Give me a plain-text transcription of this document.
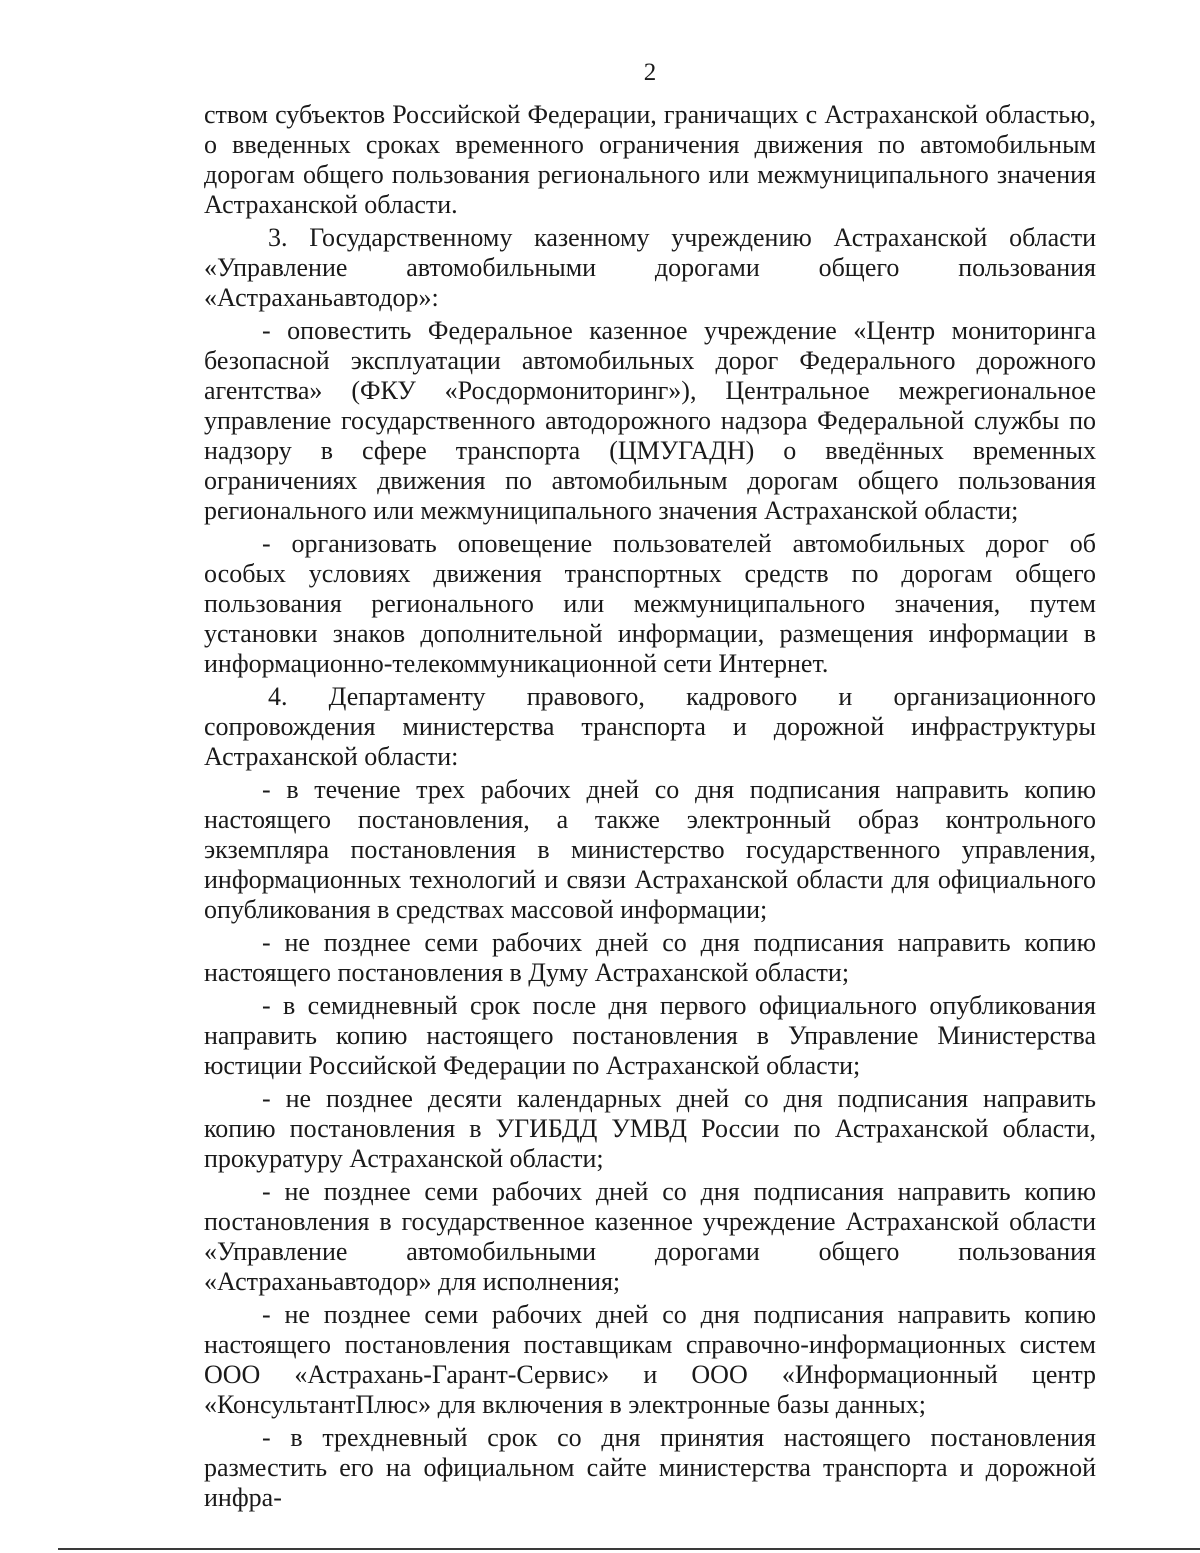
2

ством субъектов Российской Федерации, граничащих с Астраханской областью, о введенных сроках временного ограничения движения по автомобильным дорогам общего пользования регионального или межмуниципального значения Астраханской области.

3. Государственному казенному учреждению Астраханской области «Управление автомобильными дорогами общего пользования «Астраханьавтодор»:

- оповестить Федеральное казенное учреждение «Центр мониторинга безопасной эксплуатации автомобильных дорог Федерального дорожного агентства» (ФКУ «Росдормониторинг»), Центральное межрегиональное управление государственного автодорожного надзора Федеральной службы по надзору в сфере транспорта (ЦМУГАДН) о введённых временных ограничениях движения по автомобильным дорогам общего пользования регионального или межмуниципального значения Астраханской области;

- организовать оповещение пользователей автомобильных дорог об особых условиях движения транспортных средств по дорогам общего пользования регионального или межмуниципального значения, путем установки знаков дополнительной информации, размещения информации в информационно-телекоммуникационной сети Интернет.

4. Департаменту правового, кадрового и организационного сопровождения министерства транспорта и дорожной инфраструктуры Астраханской области:

- в течение трех рабочих дней со дня подписания направить копию настоящего постановления, а также электронный образ контрольного экземпляра постановления в министерство государственного управления, информационных технологий и связи Астраханской области для официального опубликования в средствах массовой информации;

- не позднее семи рабочих дней со дня подписания направить копию настоящего постановления в Думу Астраханской области;

- в семидневный срок после дня первого официального опубликования направить копию настоящего постановления в Управление Министерства юстиции Российской Федерации по Астраханской области;

- не позднее десяти календарных дней со дня подписания направить копию постановления в УГИБДД УМВД России по Астраханской области, прокуратуру Астраханской области;

- не позднее семи рабочих дней со дня подписания направить копию постановления в государственное казенное учреждение Астраханской области «Управление автомобильными дорогами общего пользования «Астраханьавтодор» для исполнения;

- не позднее семи рабочих дней со дня подписания направить копию настоящего постановления поставщикам справочно-информационных систем ООО «Астрахань-Гарант-Сервис» и ООО «Информационный центр «КонсультантПлюс» для включения в электронные базы данных;

- в трехдневный срок со дня принятия настоящего постановления разместить его на официальном сайте министерства транспорта и дорожной инфра-
